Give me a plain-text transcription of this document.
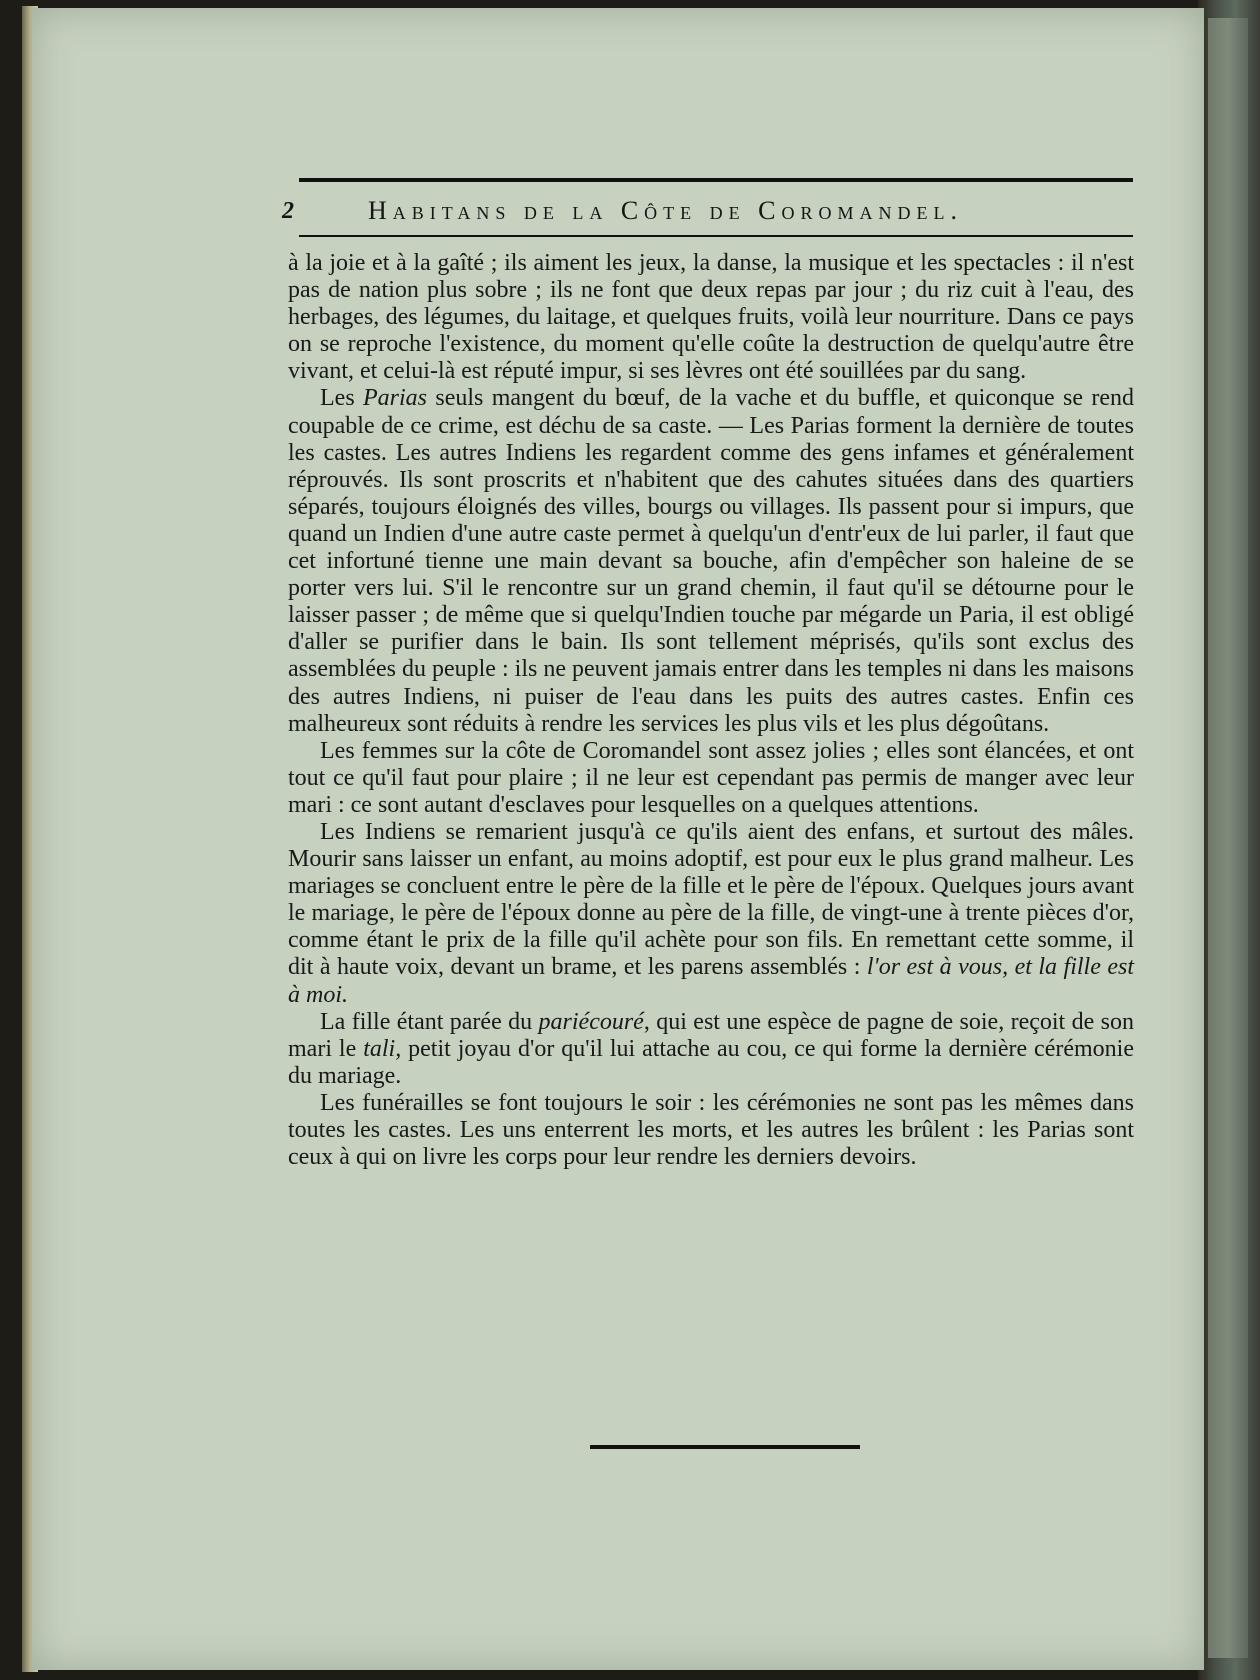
2	Habitans de la Côte de Coromandel.

à la joie et à la gaîté ; ils aiment les jeux, la danse, la musique et les spectacles : il n'est pas de nation plus sobre ; ils ne font que deux repas par jour ; du riz cuit à l'eau, des herbages, des légumes, du laitage, et quelques fruits, voilà leur nourriture. Dans ce pays on se reproche l'existence, du moment qu'elle coûte la destruction de quelqu'autre être vivant, et celui-là est réputé impur, si ses lèvres ont été souillées par du sang.

Les Parias seuls mangent du bœuf, de la vache et du buffle, et quiconque se rend coupable de ce crime, est déchu de sa caste. — Les Parias forment la dernière de toutes les castes. Les autres Indiens les regardent comme des gens infames et généralement réprouvés. Ils sont proscrits et n'habitent que des cahutes situées dans des quartiers séparés, toujours éloignés des villes, bourgs ou villages. Ils passent pour si impurs, que quand un Indien d'une autre caste permet à quelqu'un d'entr'eux de lui parler, il faut que cet infortuné tienne une main devant sa bouche, afin d'empêcher son haleine de se porter vers lui. S'il le rencontre sur un grand chemin, il faut qu'il se détourne pour le laisser passer ; de même que si quelqu'Indien touche par mégarde un Paria, il est obligé d'aller se purifier dans le bain. Ils sont tellement méprisés, qu'ils sont exclus des assemblées du peuple : ils ne peuvent jamais entrer dans les temples ni dans les maisons des autres Indiens, ni puiser de l'eau dans les puits des autres castes. Enfin ces malheureux sont réduits à rendre les services les plus vils et les plus dégoûtans.

Les femmes sur la côte de Coromandel sont assez jolies ; elles sont élancées, et ont tout ce qu'il faut pour plaire ; il ne leur est cependant pas permis de manger avec leur mari : ce sont autant d'esclaves pour lesquelles on a quelques attentions.

Les Indiens se remarient jusqu'à ce qu'ils aient des enfans, et surtout des mâles. Mourir sans laisser un enfant, au moins adoptif, est pour eux le plus grand malheur. Les mariages se concluent entre le père de la fille et le père de l'époux. Quelques jours avant le mariage, le père de l'époux donne au père de la fille, de vingt-une à trente pièces d'or, comme étant le prix de la fille qu'il achète pour son fils. En remettant cette somme, il dit à haute voix, devant un brame, et les parens assemblés : l'or est à vous, et la fille est à moi.

La fille étant parée du pariécouré, qui est une espèce de pagne de soie, reçoit de son mari le tali, petit joyau d'or qu'il lui attache au cou, ce qui forme la dernière cérémonie du mariage.

Les funérailles se font toujours le soir : les cérémonies ne sont pas les mêmes dans toutes les castes. Les uns enterrent les morts, et les autres les brûlent : les Parias sont ceux à qui on livre les corps pour leur rendre les derniers devoirs.
